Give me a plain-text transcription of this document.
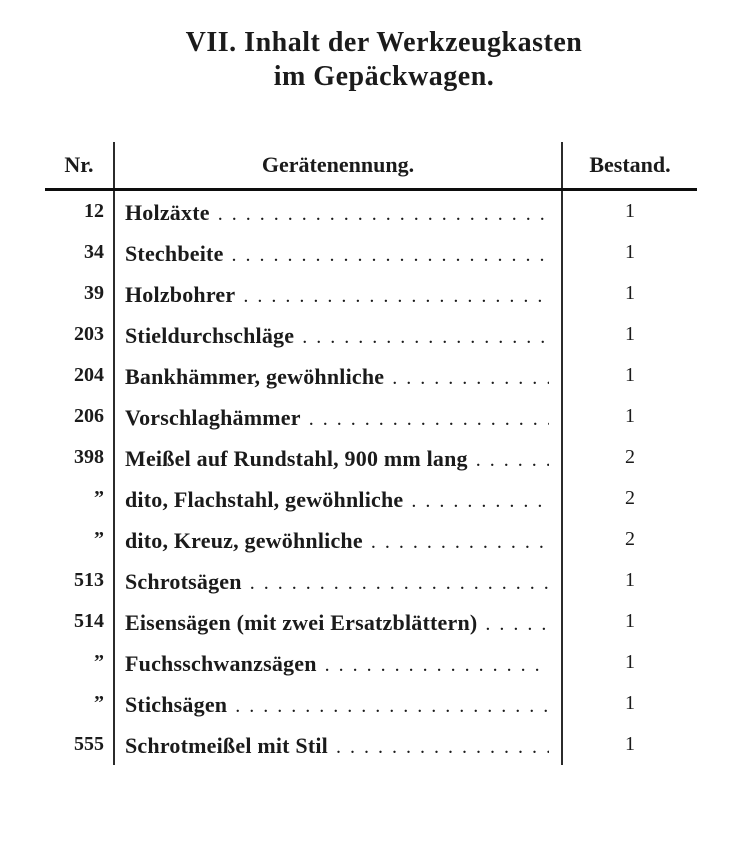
VII. Inhalt der Werkzeugkasten
im Gepäckwagen.
Nr.	Gerätenennung.	Bestand.
12 Holzäxte .....	1
34 Stechbeite .....	1
39 Holzbohrer .....	1
203 Stieldurchschläge .....	1
204 Bankhämmer, gewöhnliche .....	1
206 Vorschlaghämmer .....	1
398 Meißel auf Rundstahl, 900 mm lang .....	2
” dito, Flachstahl, gewöhnliche .....	2
” dito, Kreuz, gewöhnliche .....	2
513 Schrotsägen .....	1
514 Eisensägen (mit zwei Ersatzblättern) .....	1
” Fuchsschwanzsägen .....	1
” Stichsägen .....	1
555 Schrotmeißel mit Stil .....	1
